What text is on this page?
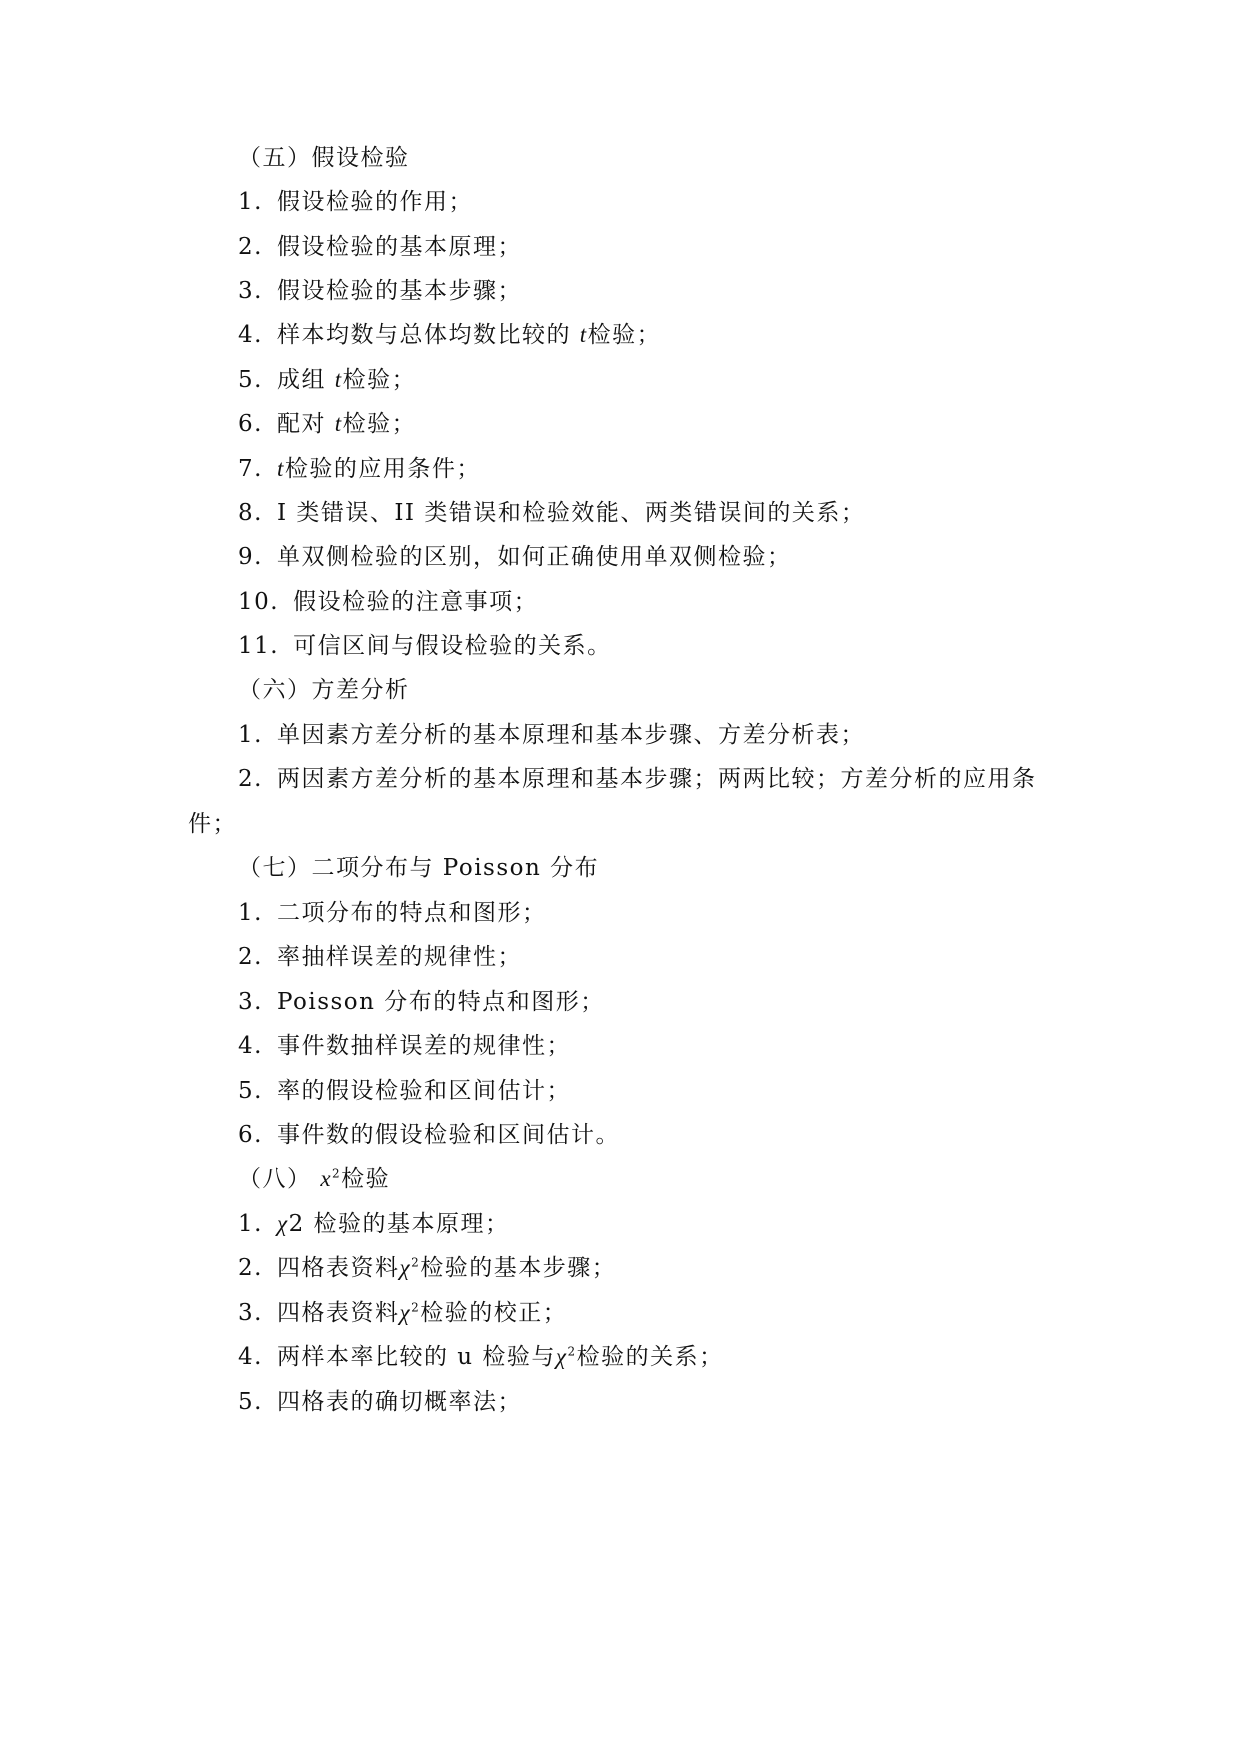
（五）假设检验
1. 假设检验的作用；
2. 假设检验的基本原理；
3. 假设检验的基本步骤；
4. 样本均数与总体均数比较的 t检验；
5. 成组 t检验；
6. 配对 t检验；
7. t检验的应用条件；
8. I 类错误、II 类错误和检验效能、两类错误间的关系；
9. 单双侧检验的区别，如何正确使用单双侧检验；
10. 假设检验的注意事项；
11. 可信区间与假设检验的关系。
（六）方差分析
1. 单因素方差分析的基本原理和基本步骤、方差分析表；
2. 两因素方差分析的基本原理和基本步骤；两两比较；方差分析的应用条
件；
（七）二项分布与 Poisson 分布
1. 二项分布的特点和图形；
2. 率抽样误差的规律性；
3. Poisson 分布的特点和图形；
4. 事件数抽样误差的规律性；
5. 率的假设检验和区间估计；
6. 事件数的假设检验和区间估计。
（八） $x^2$检验
1. χ2 检验的基本原理；
2. 四格表资料$\chi^2$检验的基本步骤；
3. 四格表资料$\chi^2$检验的校正；
4. 两样本率比较的 u 检验与$\chi^2$检验的关系；
5. 四格表的确切概率法；
